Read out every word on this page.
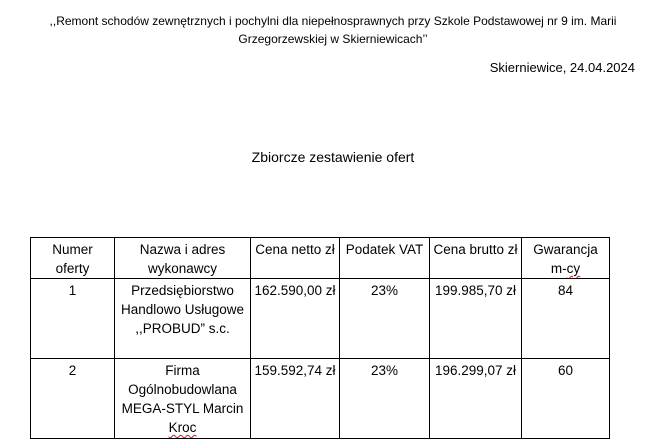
,,Remont schodów zewnętrznych i pochylni dla niepełnosprawnych przy Szkole Podstawowej nr 9 im. Marii Grzegorzewskiej w Skierniewicach’’
Skierniewice, 24.04.2024
Zbiorcze zestawienie ofert
Numer oferty	Nazwa i adres wykonawcy	Cena netto zł	Podatek VAT	Cena brutto zł	Gwarancja
m-cy

1	Przedsiębiorstwo Handlowo Usługowe ,,PROBUD” s.c.	162.590,00 zł	23%	199.985,70 zł	84
2	Firma Ogólnobudowlana MEGA-STYL Marcin Kroc	159.592,74 zł	23%	196.299,07 zł	60
